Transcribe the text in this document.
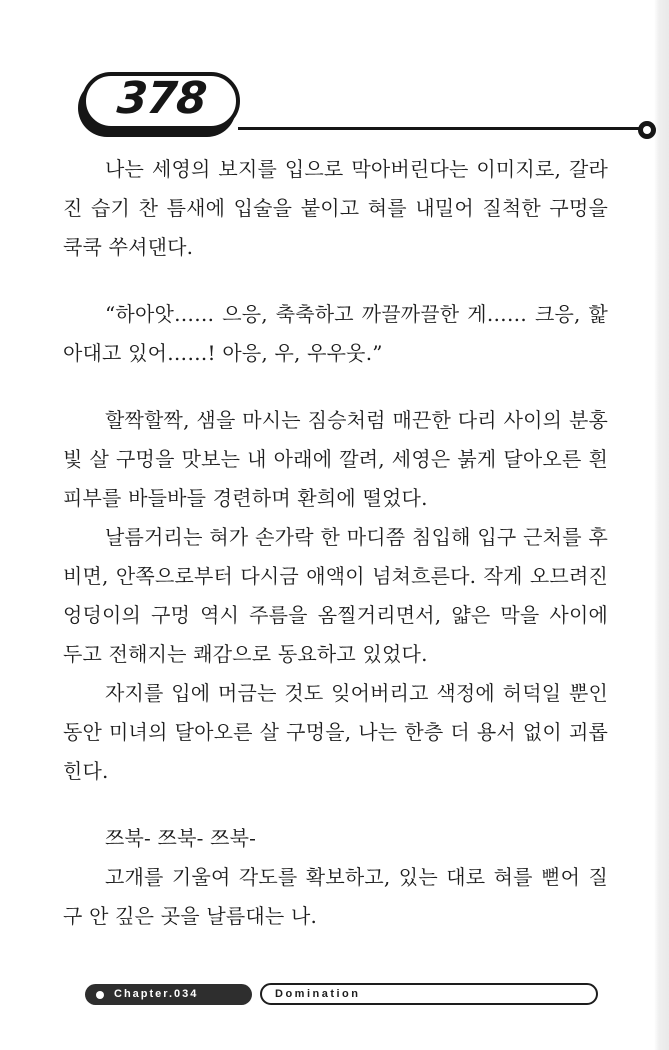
378

나는 세영의 보지를 입으로 막아버린다는 이미지로, 갈라진 습기 찬 틈새에 입술을 붙이고 혀를 내밀어 질척한 구멍을 쿡쿡 쑤셔댄다.

“하아앗…… 으응, 축축하고 까끌까끌한 게…… 크응, 핥아대고 있어……! 아응, 우, 우우웃.”

할짝할짝, 샘을 마시는 짐승처럼 매끈한 다리 사이의 분홍빛 살 구멍을 맛보는 내 아래에 깔려, 세영은 붉게 달아오른 흰 피부를 바들바들 경련하며 환희에 떨었다.

날름거리는 혀가 손가락 한 마디쯤 침입해 입구 근처를 후비면, 안쪽으로부터 다시금 애액이 넘쳐흐른다. 작게 오므려진 엉덩이의 구멍 역시 주름을 옴찔거리면서, 얇은 막을 사이에 두고 전해지는 쾌감으로 동요하고 있었다.

자지를 입에 머금는 것도 잊어버리고 색정에 허덕일 뿐인 동안 미녀의 달아오른 살 구멍을, 나는 한층 더 용서 없이 괴롭힌다.

쯔북- 쯔북- 쯔북-

고개를 기울여 각도를 확보하고, 있는 대로 혀를 뻗어 질구 안 깊은 곳을 날름대는 나.

Chapter.034	Domination
